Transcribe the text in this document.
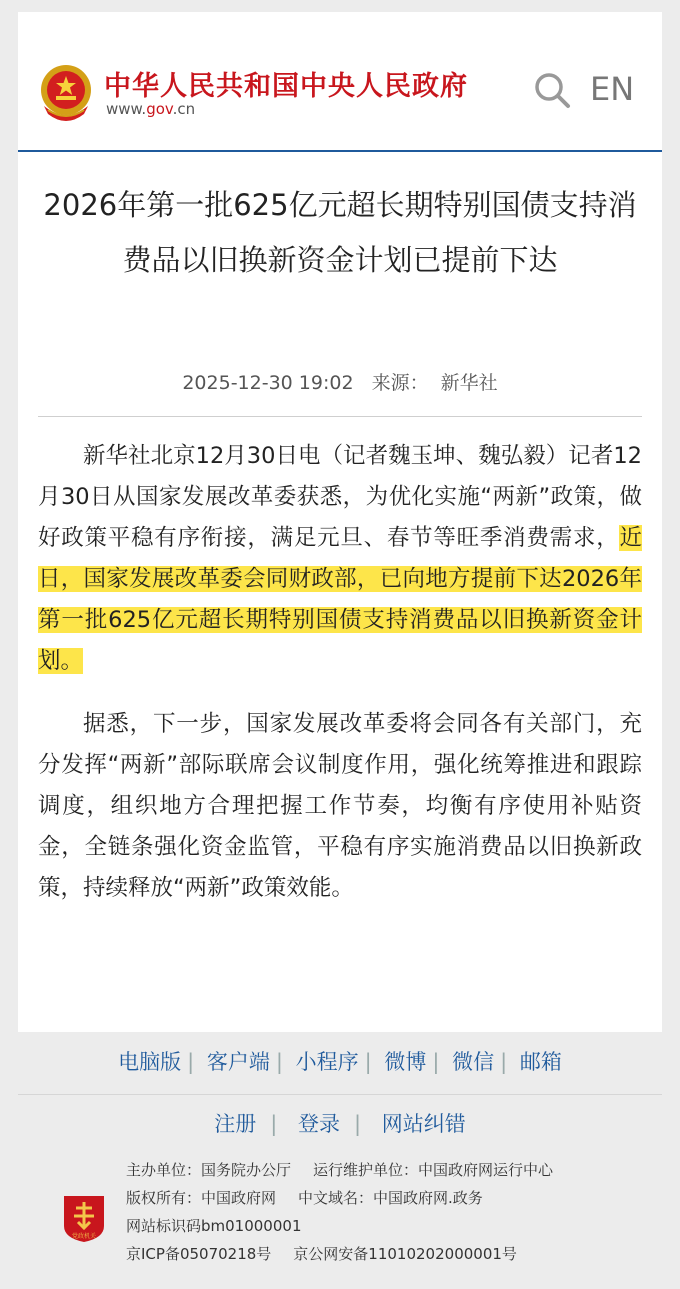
中华人民共和国中央人民政府
www.gov.cn
EN
2026年第一批625亿元超长期特别国债支持消费品以旧换新资金计划已提前下达
2025-12-30 19:02 来源： 新华社

新华社北京12月30日电（记者魏玉坤、魏弘毅）记者12月30日从国家发展改革委获悉，为优化实施“两新”政策，做好政策平稳有序衔接，满足元旦、春节等旺季消费需求，近日，国家发展改革委会同财政部，已向地方提前下达2026年第一批625亿元超长期特别国债支持消费品以旧换新资金计划。

据悉，下一步，国家发展改革委将会同各有关部门，充分发挥“两新”部际联席会议制度作用，强化统筹推进和跟踪调度，组织地方合理把握工作节奏，均衡有序使用补贴资金，全链条强化资金监管，平稳有序实施消费品以旧换新政策，持续释放“两新”政策效能。

电脑版 | 客户端 | 小程序 | 微博 | 微信 | 邮箱
注册 | 登录 | 网站纠错
党政机关
主办单位：国务院办公厅 运行维护单位：中国政府网运行中心
版权所有：中国政府网 中文域名：中国政府网.政务
网站标识码bm01000001
京ICP备05070218号 京公网安备11010202000001号
